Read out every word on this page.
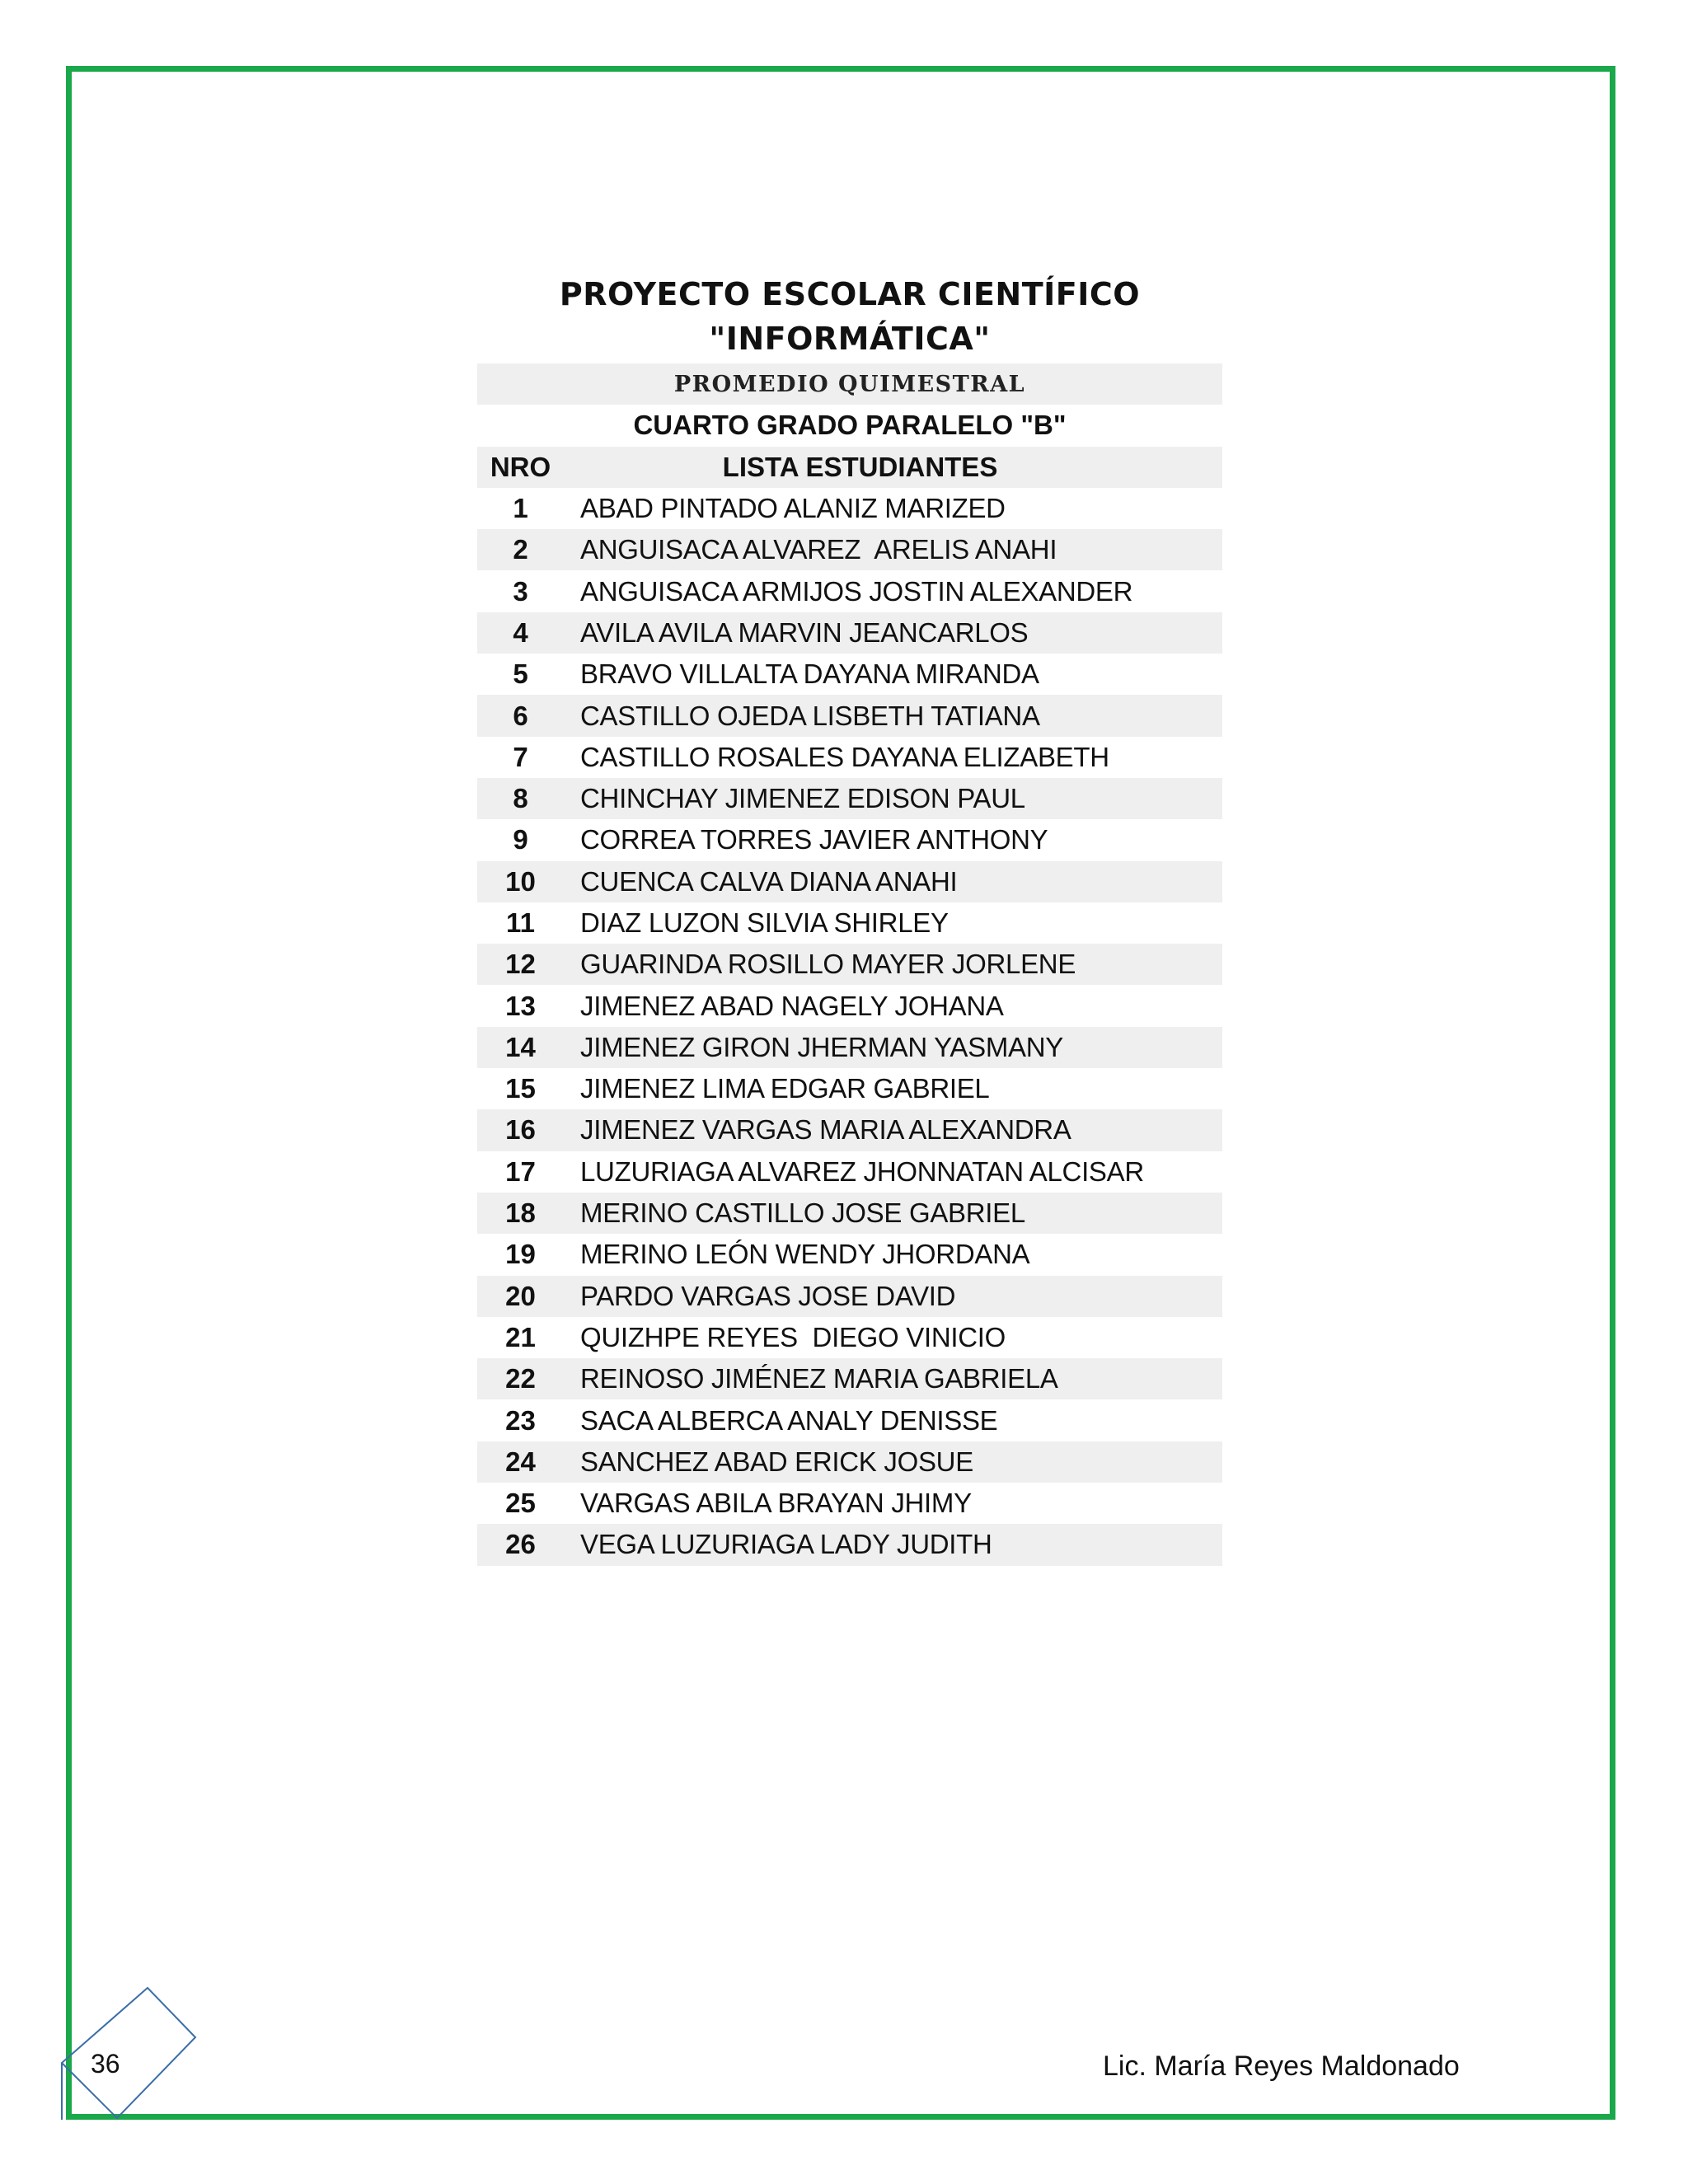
PROYECTO ESCOLAR CIENTÍFICO
"INFORMÁTICA"
PROMEDIO QUIMESTRAL
CUARTO GRADO PARALELO "B"
NRO	LISTA ESTUDIANTES
1	ABAD PINTADO ALANIZ MARIZED
2	ANGUISACA ALVAREZ  ARELIS ANAHI
3	ANGUISACA ARMIJOS JOSTIN ALEXANDER
4	AVILA AVILA MARVIN JEANCARLOS
5	BRAVO VILLALTA DAYANA MIRANDA
6	CASTILLO OJEDA LISBETH TATIANA
7	CASTILLO ROSALES DAYANA ELIZABETH
8	CHINCHAY JIMENEZ EDISON PAUL
9	CORREA TORRES JAVIER ANTHONY
10	CUENCA CALVA DIANA ANAHI
11	DIAZ LUZON SILVIA SHIRLEY
12	GUARINDA ROSILLO MAYER JORLENE
13	JIMENEZ ABAD NAGELY JOHANA
14	JIMENEZ GIRON JHERMAN YASMANY
15	JIMENEZ LIMA EDGAR GABRIEL
16	JIMENEZ VARGAS MARIA ALEXANDRA
17	LUZURIAGA ALVAREZ JHONNATAN ALCISAR
18	MERINO CASTILLO JOSE GABRIEL
19	MERINO LEÓN WENDY JHORDANA
20	PARDO VARGAS JOSE DAVID
21	QUIZHPE REYES  DIEGO VINICIO
22	REINOSO JIMÉNEZ MARIA GABRIELA
23	SACA ALBERCA ANALY DENISSE
24	SANCHEZ ABAD ERICK JOSUE
25	VARGAS ABILA BRAYAN JHIMY
26	VEGA LUZURIAGA LADY JUDITH
36	Lic. María Reyes Maldonado
